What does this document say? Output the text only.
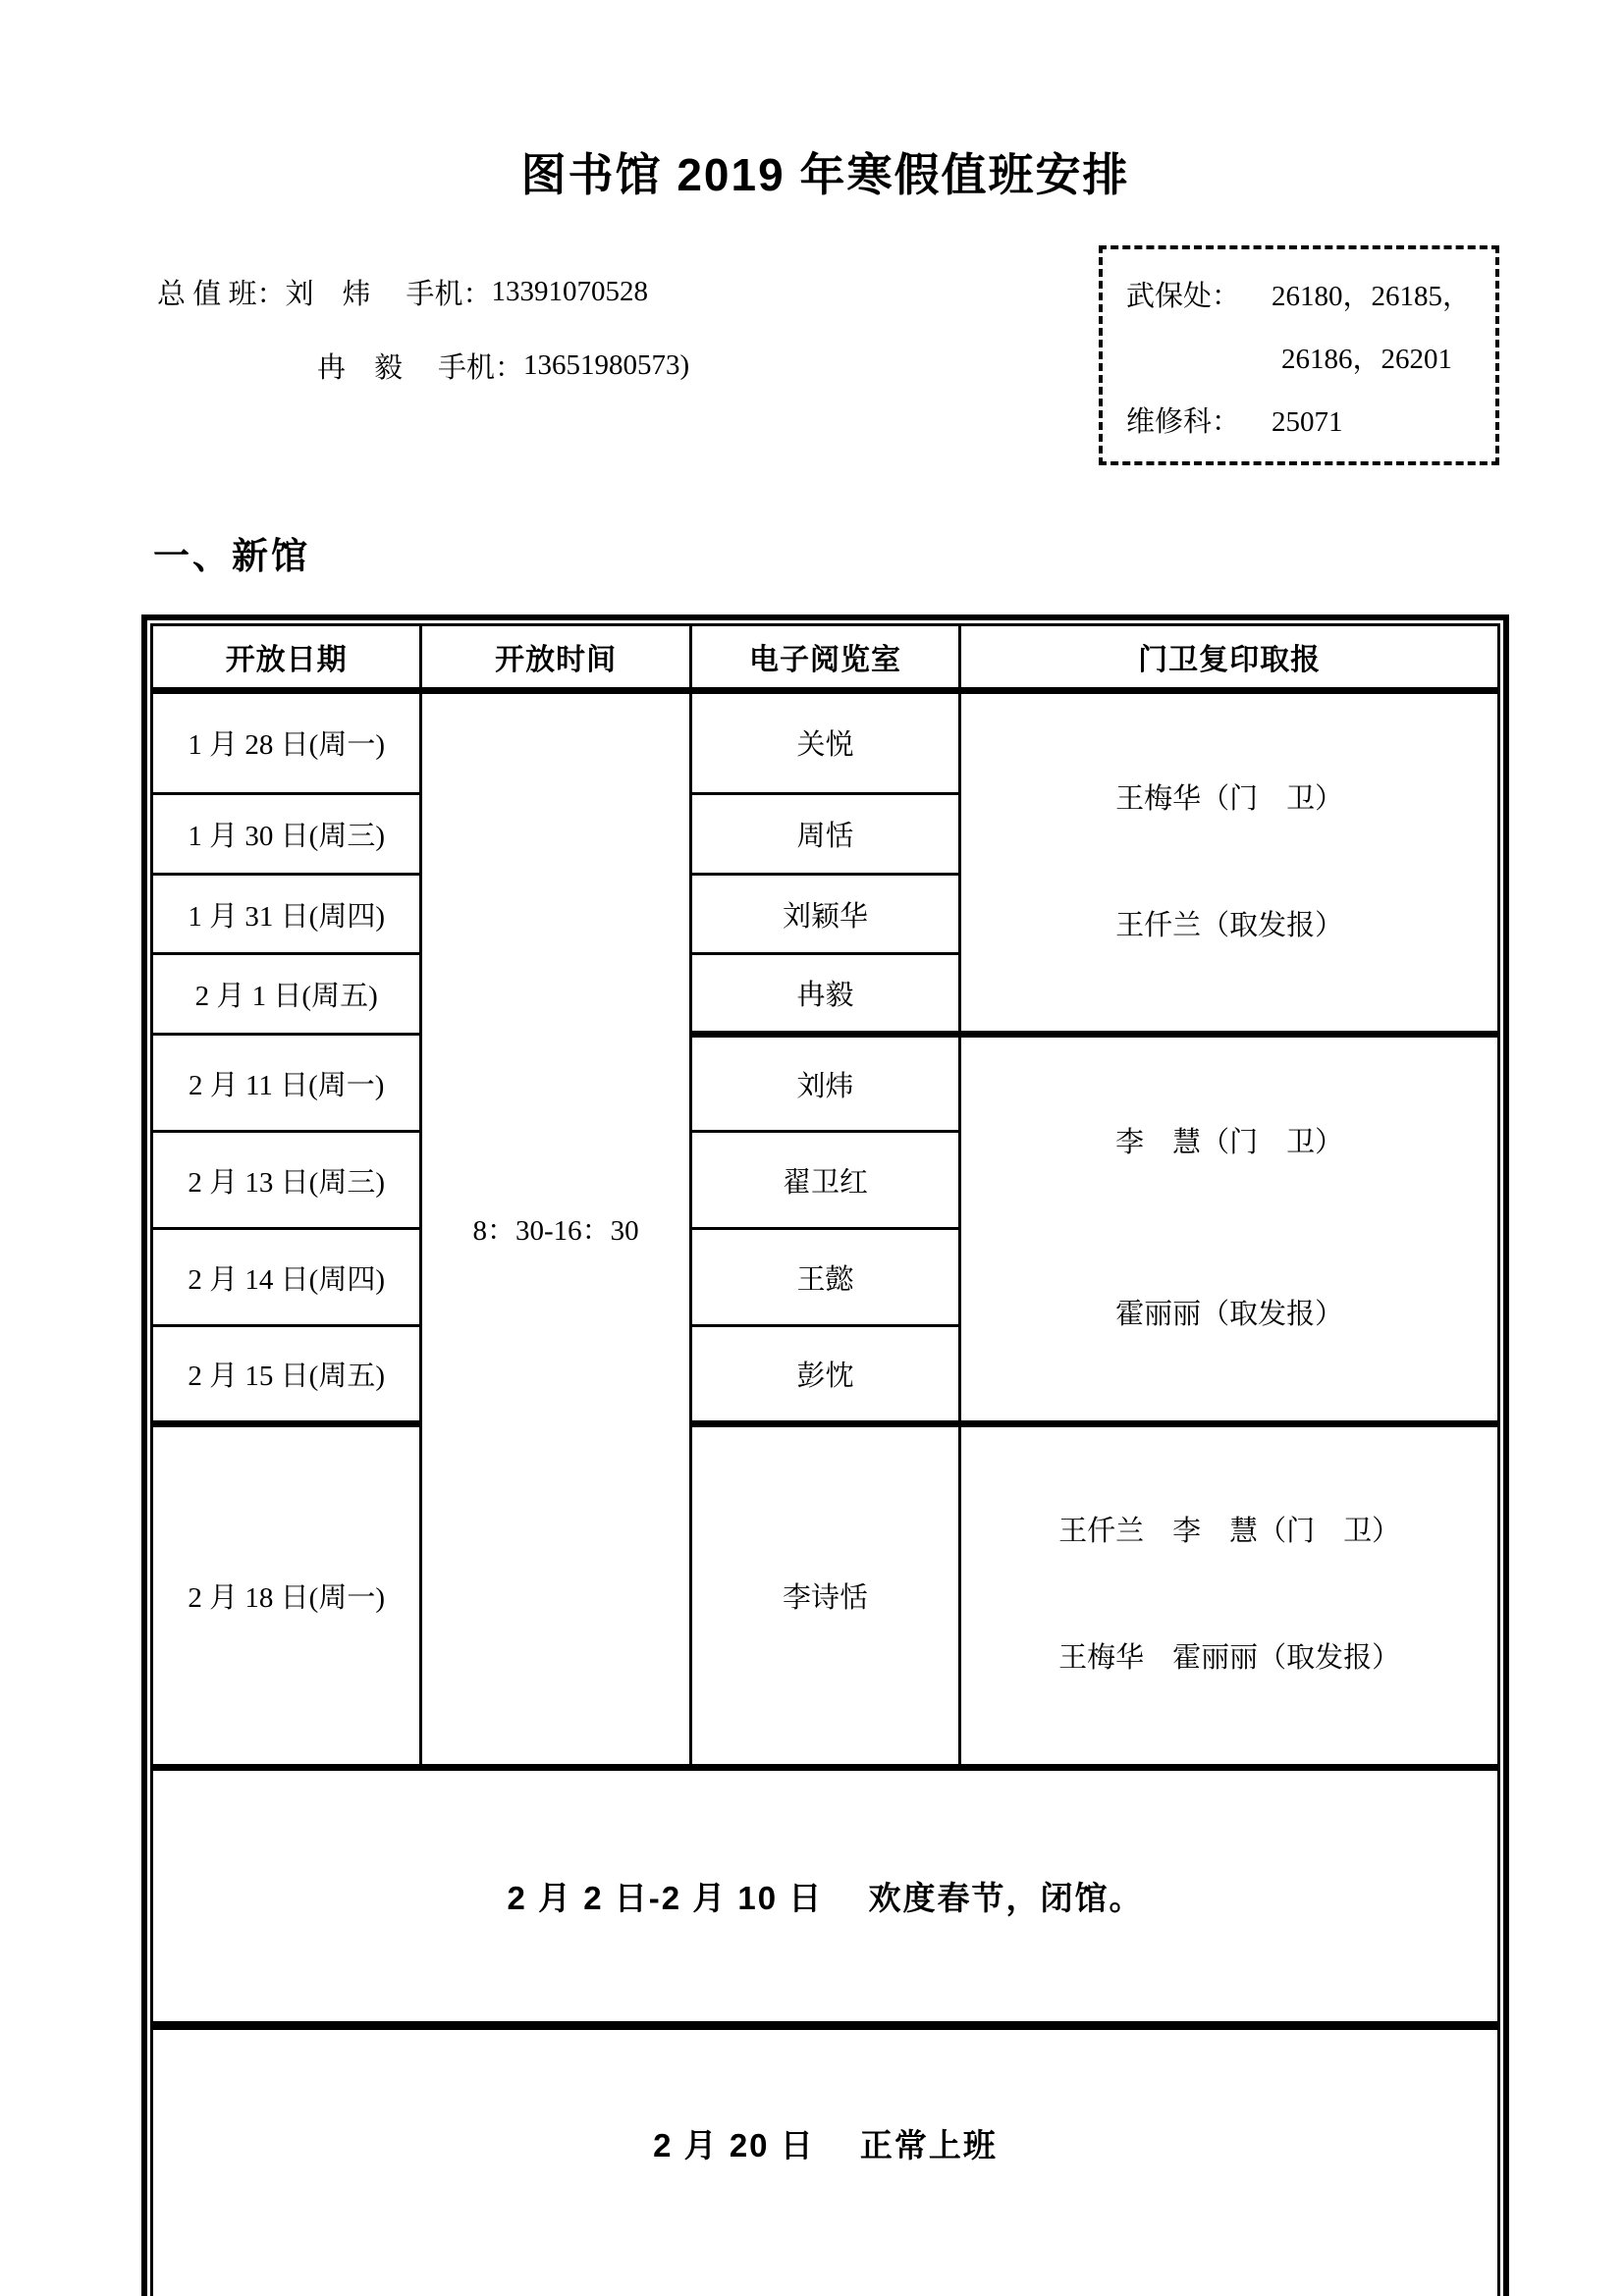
图书馆 2019 年寒假值班安排
总 值 班： 刘　炜 手机： 13391070528
冉　毅 手机： 13651980573)
武保处：	26180，26185，
26186，26201
维修科：	25071
一、新馆
开放日期	开放时间	电子阅览室	门卫复印取报
1 月 28 日(周一)	8：30-16：30	关悦	王梅华（门　卫）

王仟兰（取发报）

1 月 30 日(周三)		周恬	
1 月 31 日(周四)		刘颖华	
2 月 1 日(周五)		冉毅	
2 月 11 日(周一)		刘炜	李　慧（门　卫）

霍丽丽（取发报）

2 月 13 日(周三)		翟卫红	
2 月 14 日(周四)		王懿	
2 月 15 日(周五)		彭忱	
2 月 18 日(周一)		李诗恬	王仟兰　李　慧（门　卫）

王梅华　霍丽丽（取发报）

2 月 2 日-2 月 10 日　 欢度春节，闭馆。			
2 月 20 日　 正常上班			
